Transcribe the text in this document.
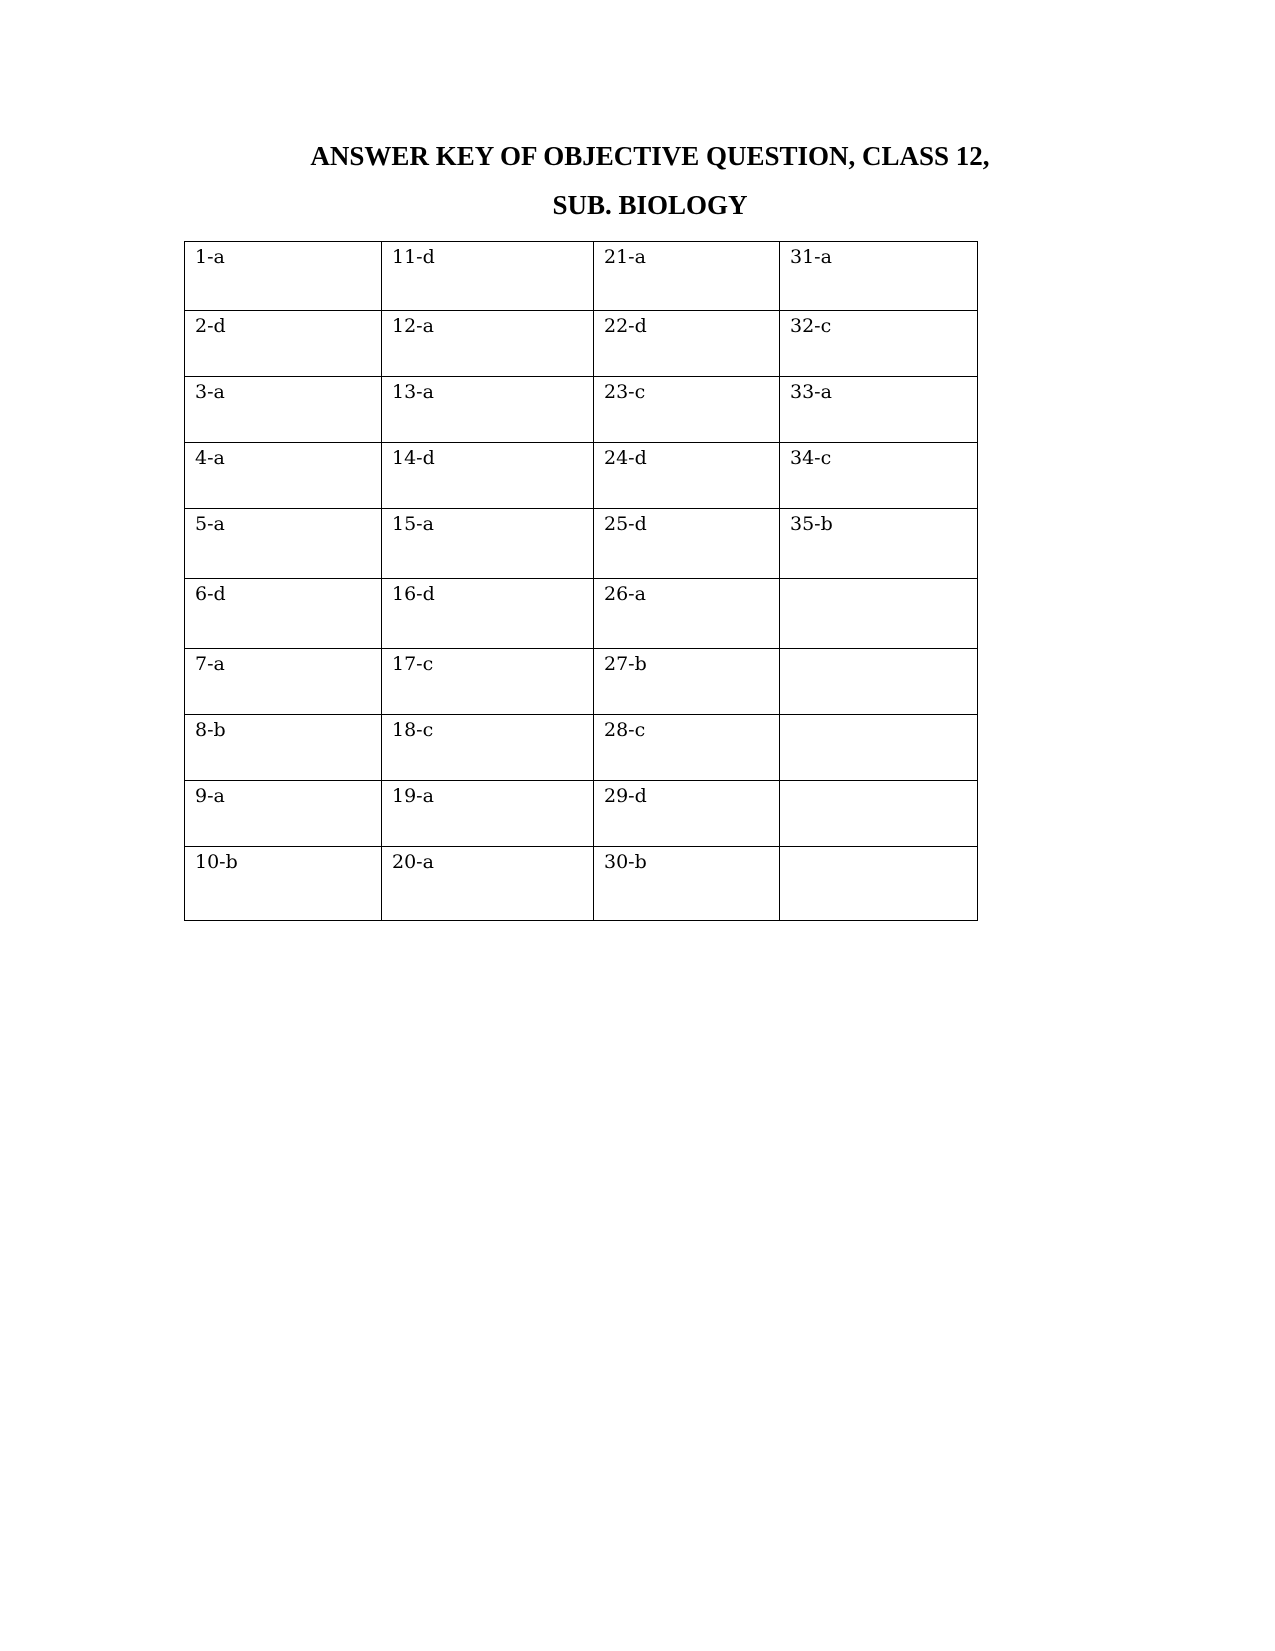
ANSWER KEY OF OBJECTIVE QUESTION, CLASS 12,
SUB. BIOLOGY
1-a	11-d	21-a	31-a

2-d	12-a	22-d	32-c

3-a	13-a	23-c	33-a

4-a	14-d	24-d	34-c

5-a	15-a	25-d	35-b

6-d	16-d	26-a	

7-a	17-c	27-b	

8-b	18-c	28-c	

9-a	19-a	29-d	

10-b	20-a	30-b	
